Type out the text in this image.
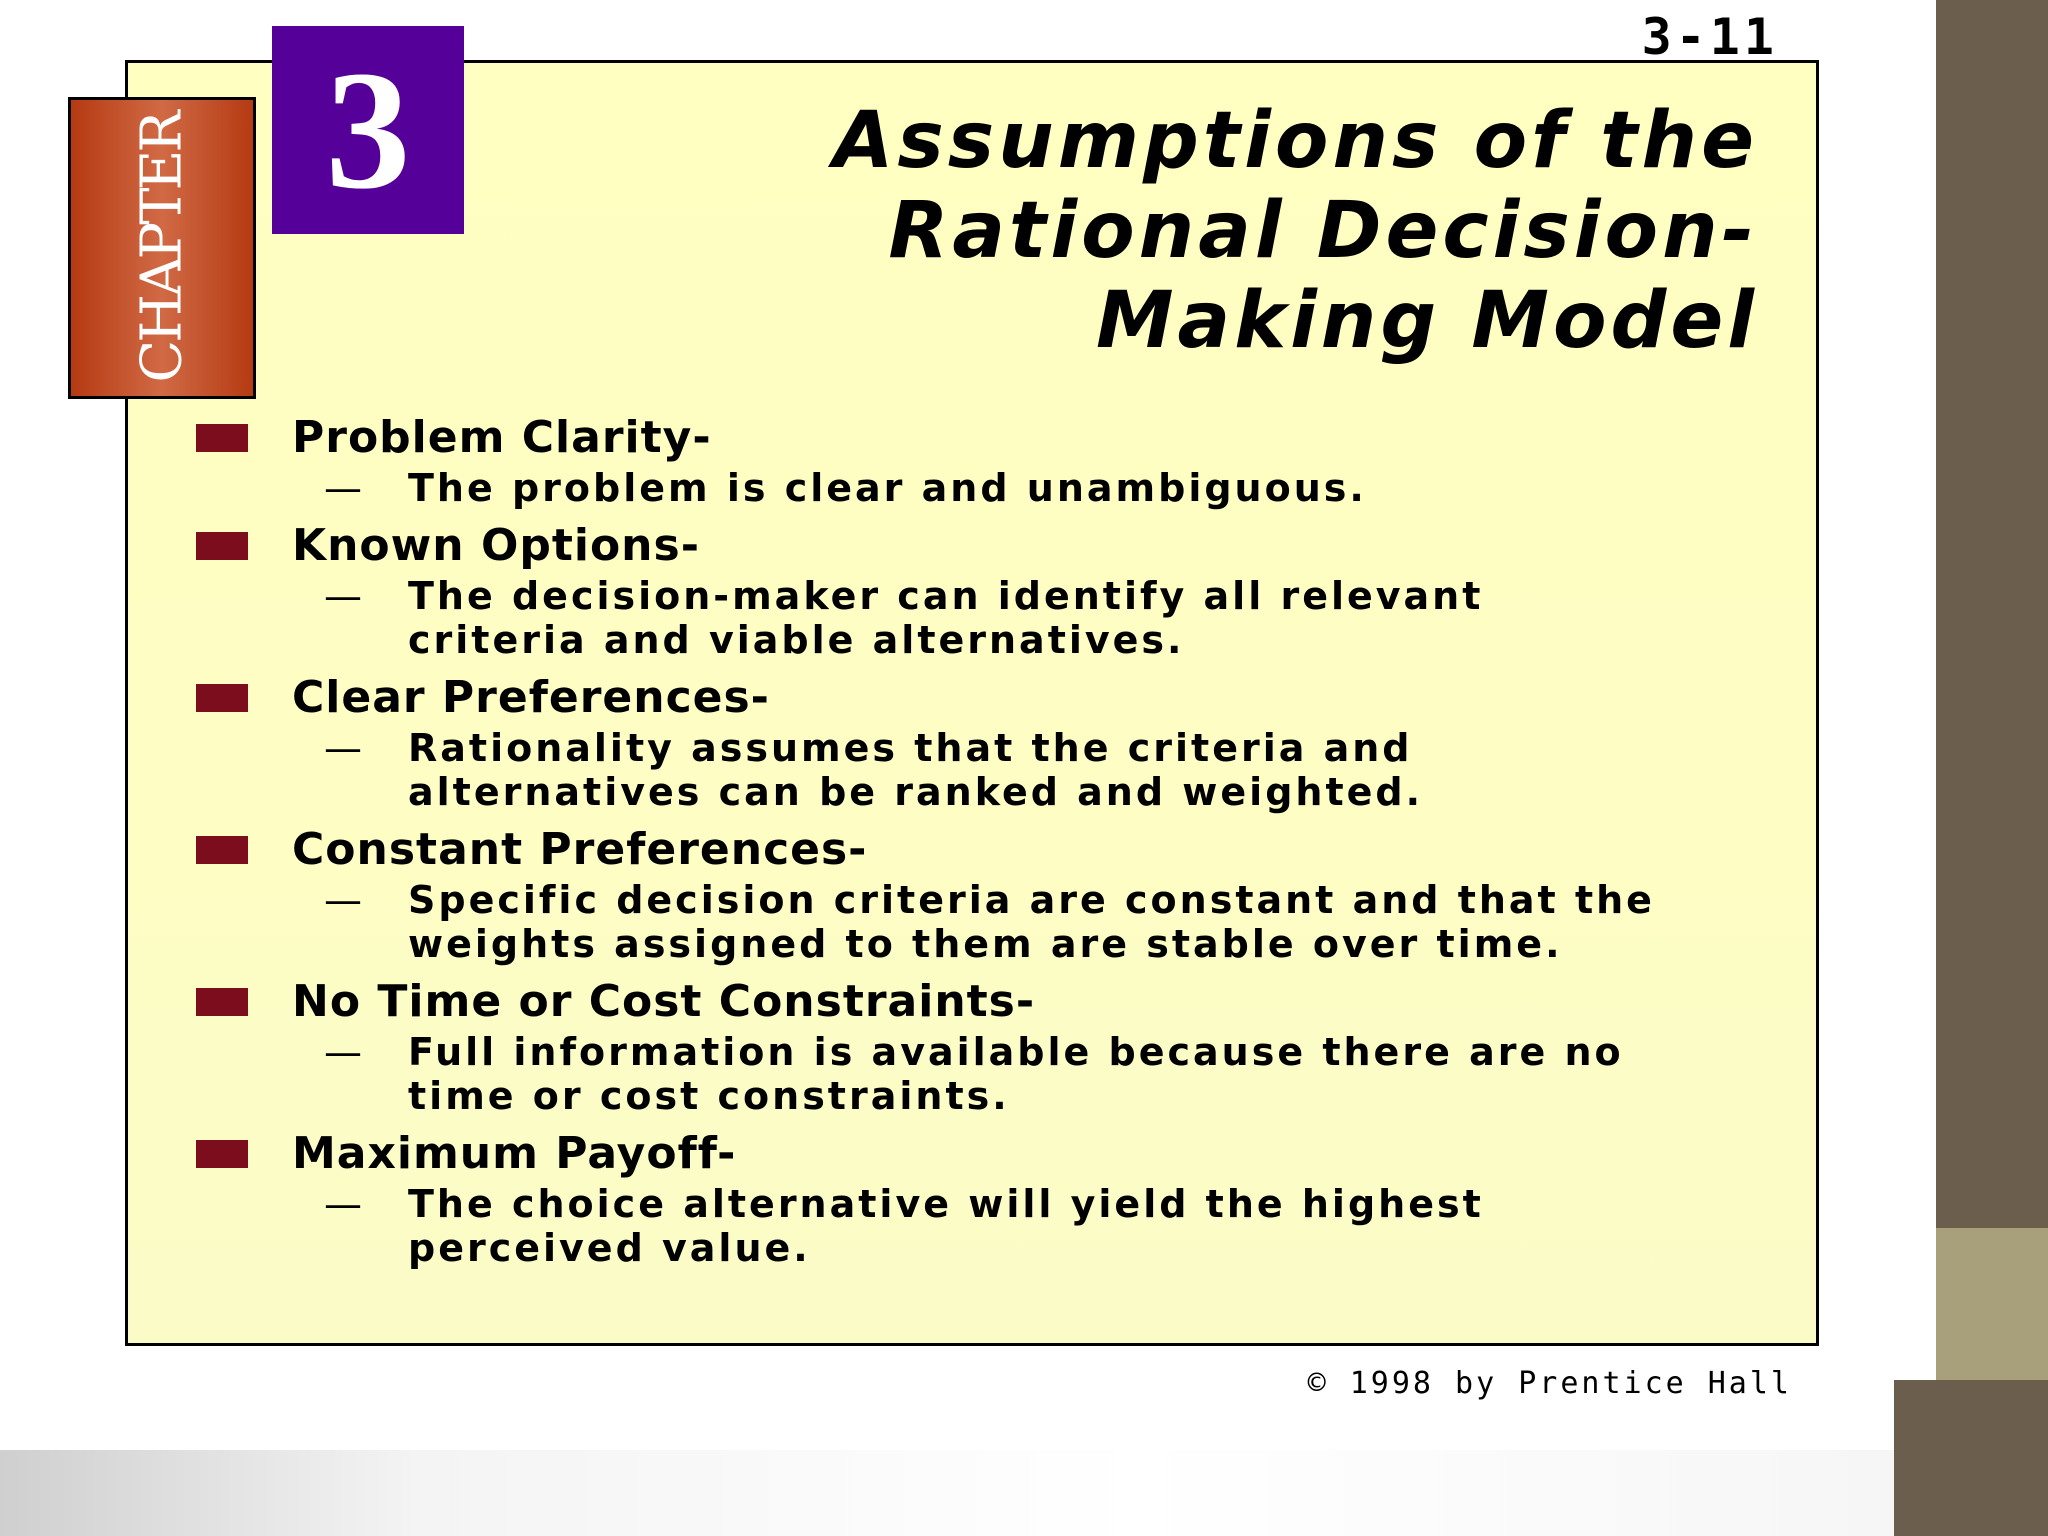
3-11
CHAPTER 3	Assumptions of the
Rational Decision-
Making Model
Problem Clarity-
— The problem is clear and unambiguous.
Known Options-
— The decision-maker can identify all relevant criteria and viable alternatives.
Clear Preferences-
— Rationality assumes that the criteria and alternatives can be ranked and weighted.
Constant Preferences-
— Specific decision criteria are constant and that the weights assigned to them are stable over time.
No Time or Cost Constraints-
— Full information is available because there are no time or cost constraints.
Maximum Payoff-
— The choice alternative will yield the highest perceived value.
© 1998 by Prentice Hall
